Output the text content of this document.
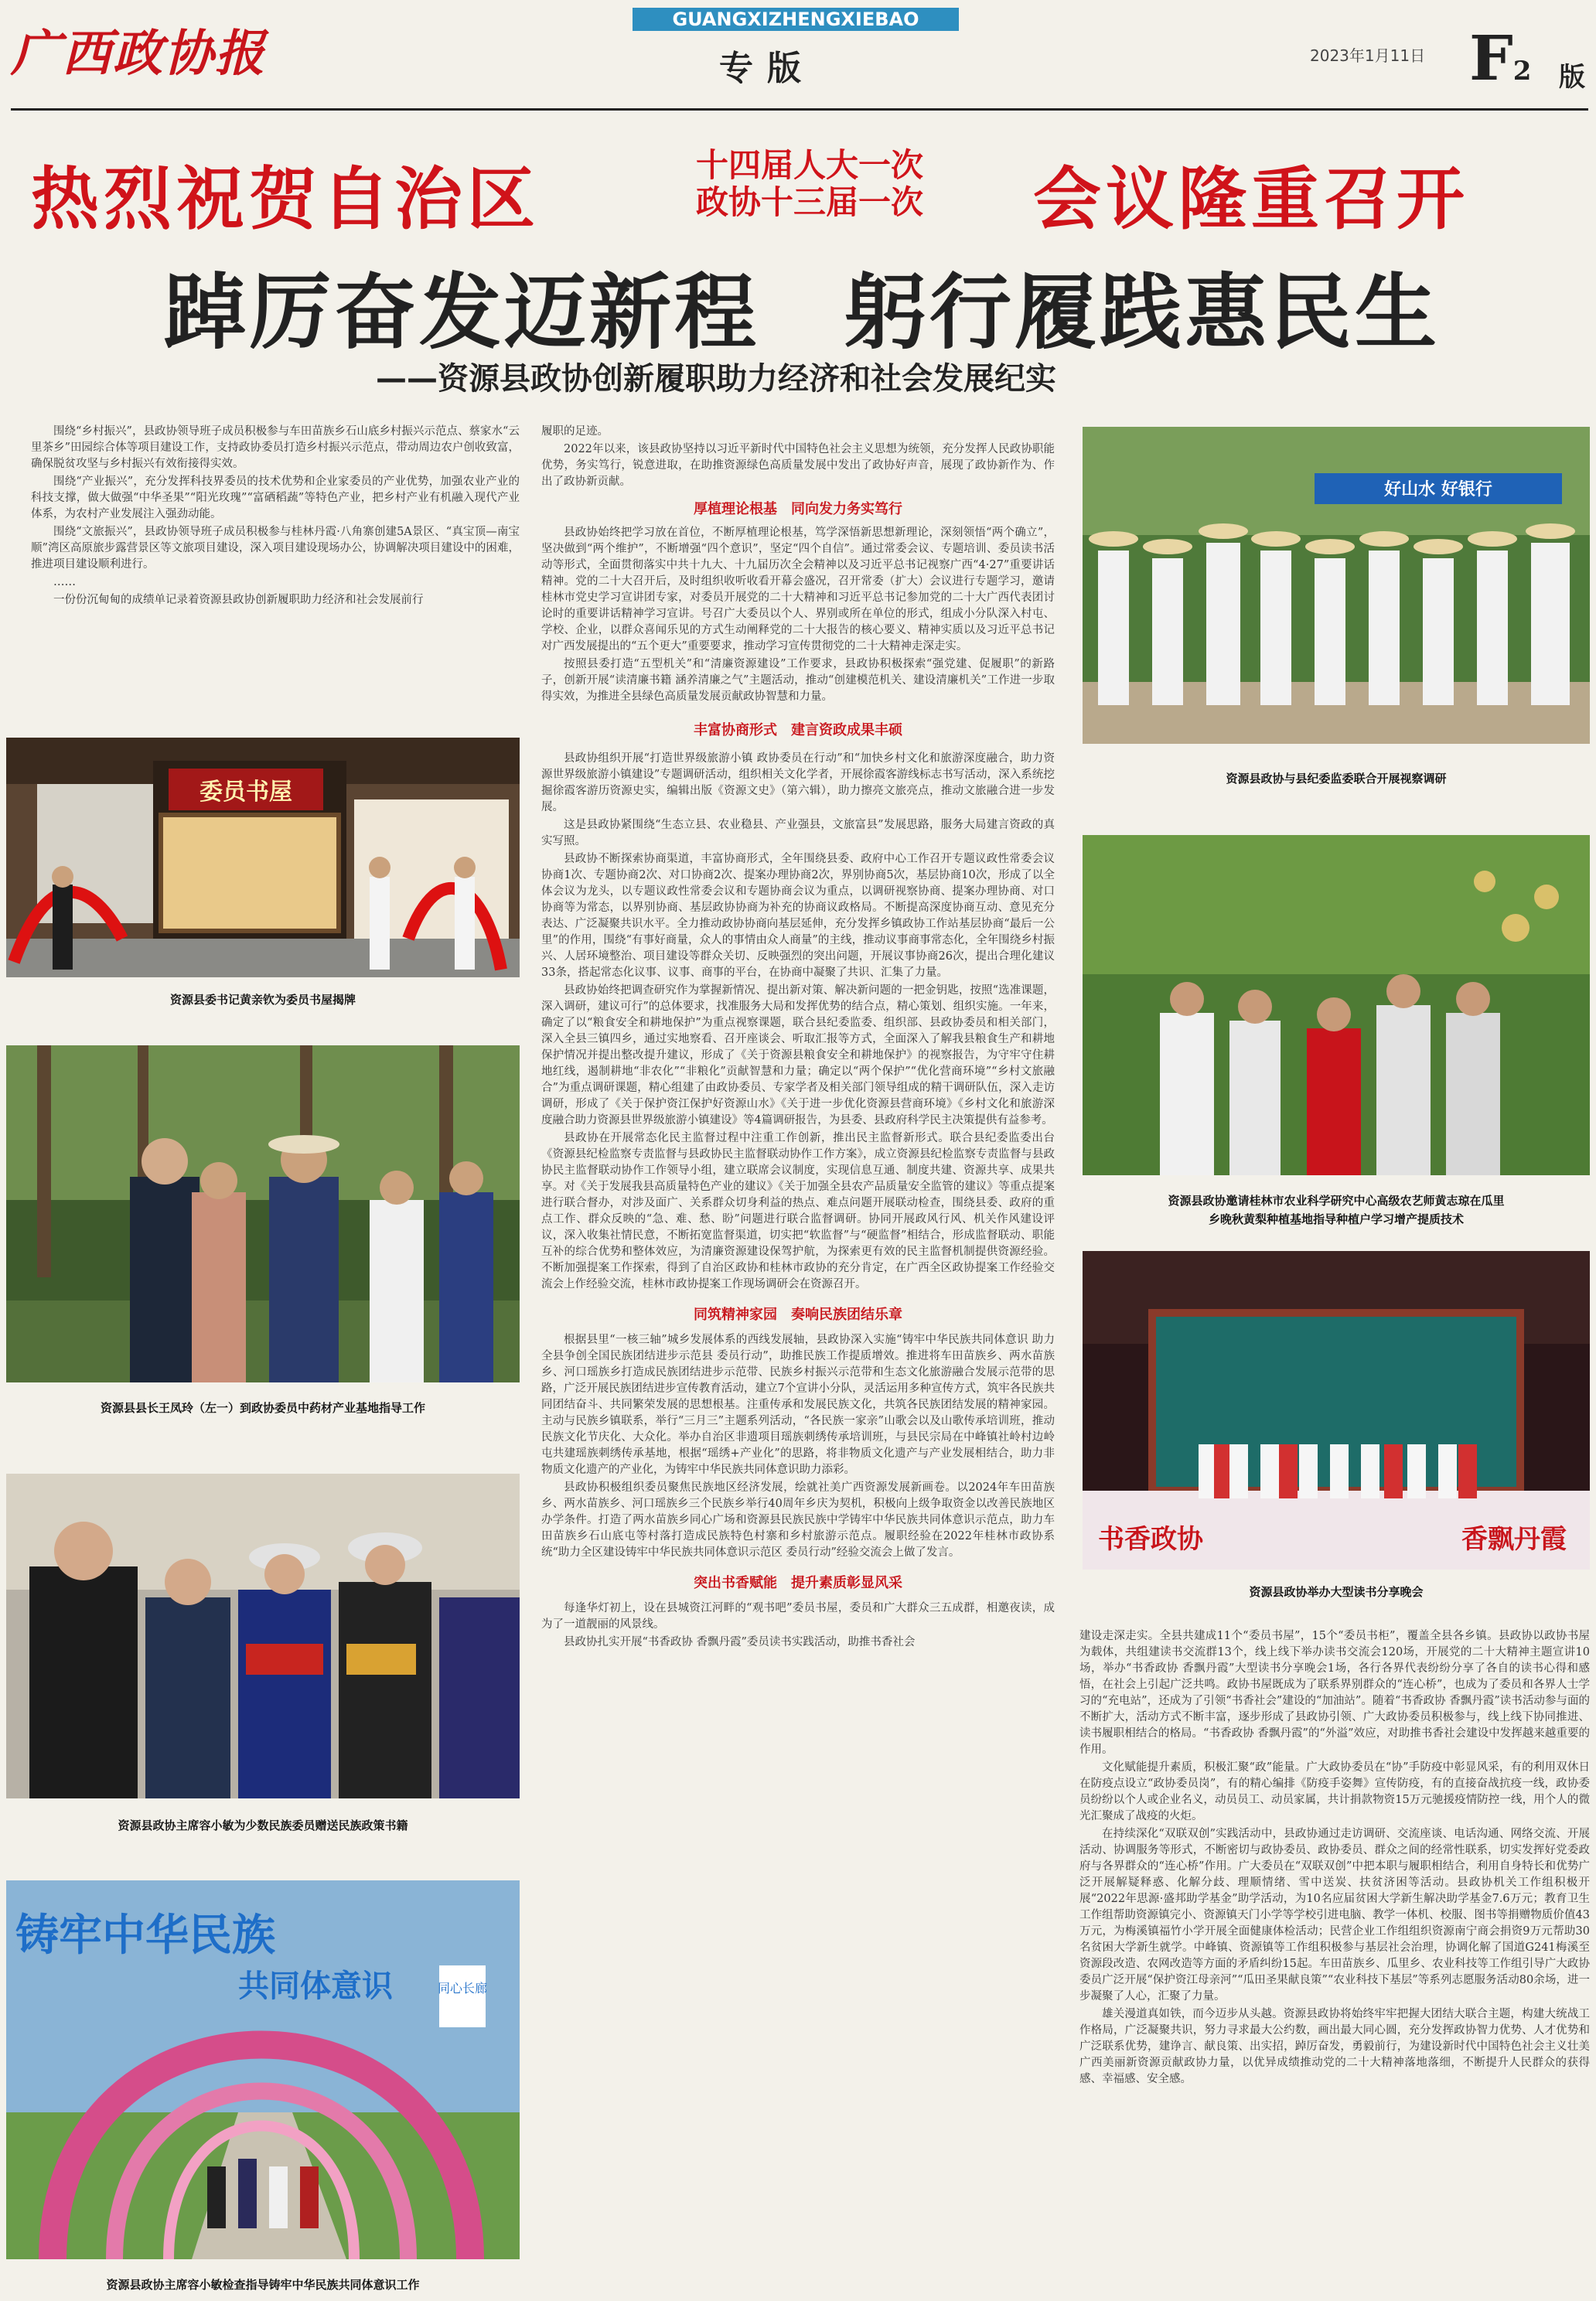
广西政协报
GUANGXIZHENGXIEBAO
专版	2023年1月11日 F2 版
热烈祝贺自治区	十四届人大一次
政协十三届一次 会议隆重召开
踔厉奋发迈新程　躬行履践惠民生
——资源县政协创新履职助力经济和社会发展纪实

围绕“乡村振兴”，县政协领导班子成员积极参与车田苗族乡石山底乡村振兴示范点、蔡家水“云里茶乡”田园综合体等项目建设工作，支持政协委员打造乡村振兴示范点，带动周边农户创收致富，确保脱贫攻坚与乡村振兴有效衔接得实效。

围绕“产业振兴”，充分发挥科技界委员的技术优势和企业家委员的产业优势，加强农业产业的科技支撑，做大做强“中华圣果”“阳光玫瑰”“富硒稻蔬”等特色产业，把乡村产业有机融入现代产业体系，为农村产业发展注入强劲动能。

围绕“文旅振兴”，县政协领导班子成员积极参与桂林丹霞·八角寨创建5A景区、“真宝顶—南宝顺”湾区高原旅步露营景区等文旅项目建设，深入项目建设现场办公，协调解决项目建设中的困难，推进项目建设顺利进行。

……

一份份沉甸甸的成绩单记录着资源县政协创新履职助力经济和社会发展前行

委员书屋
资源县委书记黄亲钦为委员书屋揭牌
资源县县长王凤玲（左一）到政协委员中药材产业基地指导工作
资源县政协主席容小敏为少数民族委员赠送民族政策书籍
铸牢中华民族
共同体意识	同心长廊
资源县政协主席容小敏检查指导铸牢中华民族共同体意识工作

履职的足迹。

2022年以来，该县政协坚持以习近平新时代中国特色社会主义思想为统领，充分发挥人民政协职能优势，务实笃行，锐意进取，在助推资源绿色高质量发展中发出了政协好声音，展现了政协新作为、作出了政协新贡献。

厚植理论根基　同向发力务实笃行

县政协始终把学习放在首位，不断厚植理论根基，笃学深悟新思想新理论，深刻领悟“两个确立”，坚决做到“两个维护”，不断增强“四个意识”，坚定“四个自信”。通过常委会议、专题培训、委员读书活动等形式，全面贯彻落实中共十九大、十九届历次全会精神以及习近平总书记视察广西“4·27”重要讲话精神。党的二十大召开后，及时组织收听收看开幕会盛况，召开常委（扩大）会议进行专题学习，邀请桂林市党史学习宣讲团专家，对委员开展党的二十大精神和习近平总书记参加党的二十大广西代表团讨论时的重要讲话精神学习宣讲。号召广大委员以个人、界别或所在单位的形式，组成小分队深入村屯、学校、企业，以群众喜闻乐见的方式生动阐释党的二十大报告的核心要义、精神实质以及习近平总书记对广西发展提出的“五个更大”重要要求，推动学习宣传贯彻党的二十大精神走深走实。

按照县委打造“五型机关”和“清廉资源建设”工作要求，县政协积极探索“强党建、促履职”的新路子，创新开展“读清廉书籍 涵养清廉之气”主题活动，推动“创建模范机关、建设清廉机关”工作进一步取得实效，为推进全县绿色高质量发展贡献政协智慧和力量。

丰富协商形式　建言资政成果丰硕

县政协组织开展“打造世界级旅游小镇 政协委员在行动”和“加快乡村文化和旅游深度融合，助力资源世界级旅游小镇建设”专题调研活动，组织相关文化学者，开展徐霞客游线标志书写活动，深入系统挖掘徐霞客游历资源史实，编辑出版《资源文史》（第六辑），助力擦亮文旅亮点，推动文旅融合进一步发展。

这是县政协紧围绕“生态立县、农业稳县、产业强县，文旅富县”发展思路，服务大局建言资政的真实写照。

县政协不断探索协商渠道，丰富协商形式，全年围绕县委、政府中心工作召开专题议政性常委会议协商1次、专题协商2次、对口协商2次、提案办理协商2次，界别协商5次，基层协商10次，形成了以全体会议为龙头，以专题议政性常委会议和专题协商会议为重点，以调研视察协商、提案办理协商、对口协商等为常态，以界别协商、基层政协协商为补充的协商议政格局。不断提高深度协商互动、意见充分表达、广泛凝聚共识水平。全力推动政协协商向基层延伸，充分发挥乡镇政协工作站基层协商“最后一公里”的作用，围绕“有事好商量，众人的事情由众人商量”的主线，推动议事商事常态化，全年围绕乡村振兴、人居环境整治、项目建设等群众关切、反映强烈的突出问题，开展议事协商26次，提出合理化建议33条，搭起常态化议事、议事、商事的平台，在协商中凝聚了共识、汇集了力量。

县政协始终把调查研究作为掌握新情况、提出新对策、解决新问题的一把金钥匙，按照“选准课题，深入调研，建议可行”的总体要求，找准服务大局和发挥优势的结合点，精心策划、组织实施。一年来，确定了以“粮食安全和耕地保护”为重点视察课题，联合县纪委监委、组织部、县政协委员和相关部门，深入全县三镇四乡，通过实地察看、召开座谈会、听取汇报等方式，全面深入了解我县粮食生产和耕地保护情况并提出整改提升建议，形成了《关于资源县粮食安全和耕地保护》的视察报告，为守牢守住耕地红线，遏制耕地“非农化”“非粮化”贡献智慧和力量；确定以“两个保护”“优化营商环境”“乡村文旅融合”为重点调研课题，精心组建了由政协委员、专家学者及相关部门领导组成的精干调研队伍，深入走访调研，形成了《关于保护资江保护好资源山水》《关于进一步优化资源县营商环境》《乡村文化和旅游深度融合助力资源县世界级旅游小镇建设》等4篇调研报告，为县委、县政府科学民主决策提供有益参考。

县政协在开展常态化民主监督过程中注重工作创新，推出民主监督新形式。联合县纪委监委出台《资源县纪检监察专责监督与县政协民主监督联动协作工作方案》，成立资源县纪检监察专责监督与县政协民主监督联动协作工作领导小组，建立联席会议制度，实现信息互通、制度共建、资源共享、成果共享。对《关于发展我县高质量特色产业的建议》《关于加强全县农产品质量安全监管的建议》等重点提案进行联合督办，对涉及面广、关系群众切身利益的热点、难点问题开展联动检查，围绕县委、政府的重点工作、群众反映的“急、难、愁、盼”问题进行联合监督调研。协同开展政风行风、机关作风建设评议，深入收集社情民意，不断拓宽监督渠道，切实把“软监督”与“硬监督”相结合，形成监督联动、职能互补的综合优势和整体效应，为清廉资源建设保驾护航，为探索更有效的民主监督机制提供资源经验。不断加强提案工作探索，得到了自治区政协和桂林市政协的充分肯定，在广西全区政协提案工作经验交流会上作经验交流，桂林市政协提案工作现场调研会在资源召开。

同筑精神家园　奏响民族团结乐章

根据县里“一核三轴”城乡发展体系的西线发展轴，县政协深入实施“铸牢中华民族共同体意识 助力全县争创全国民族团结进步示范县 委员行动”，助推民族工作提质增效。推进将车田苗族乡、两水苗族乡、河口瑶族乡打造成民族团结进步示范带、民族乡村振兴示范带和生态文化旅游融合发展示范带的思路，广泛开展民族团结进步宣传教育活动，建立7个宣讲小分队，灵活运用多种宣传方式，筑牢各民族共同团结奋斗、共同繁荣发展的思想根基。注重传承和发展民族文化，共筑各民族团结发展的精神家园。主动与民族乡镇联系，举行“三月三”主题系列活动，“各民族一家亲”山歌会以及山歌传承培训班，推动民族文化节庆化、大众化。举办自治区非遗项目瑶族刺绣传承培训班，与县民宗局在中峰镇社岭村边岭屯共建瑶族刺绣传承基地，根据“瑶绣+产业化”的思路，将非物质文化遗产与产业发展相结合，助力非物质文化遗产的产业化，为铸牢中华民族共同体意识助力添彩。

县政协积极组织委员聚焦民族地区经济发展，绘就社美广西资源发展新画卷。以2024年车田苗族乡、两水苗族乡、河口瑶族乡三个民族乡举行40周年乡庆为契机，积极向上级争取资金以改善民族地区办学条件。打造了两水苗族乡同心广场和资源县民族民族中学铸牢中华民族共同体意识示范点，助力车田苗族乡石山底屯等村落打造成民族特色村寨和乡村旅游示范点。履职经验在2022年桂林市政协系统“助力全区建设铸牢中华民族共同体意识示范区 委员行动”经验交流会上做了发言。

突出书香赋能　提升素质彰显风采

每逢华灯初上，设在县城资江河畔的“观书吧”委员书屋，委员和广大群众三五成群，相邀夜读，成为了一道靓丽的风景线。

县政协扎实开展“书香政协 香飘丹霞”委员读书实践活动，助推书香社会

好山水 好银行
资源县政协与县纪委监委联合开展视察调研
资源县政协邀请桂林市农业科学研究中心高级农艺师黄志琼在瓜里
乡晚秋黄梨种植基地指导种植户学习增产提质技术
书香政协	香飘丹霞
资源县政协举办大型读书分享晚会

建设走深走实。全县共建成11个“委员书屋”，15个“委员书柜”，覆盖全县各乡镇。县政协以政协书屋为载体，共组建读书交流群13个，线上线下举办读书交流会120场，开展党的二十大精神主题宣讲10场，举办“书香政协 香飘丹霞”大型读书分享晚会1场，各行各界代表纷纷分享了各自的读书心得和感悟，在社会上引起广泛共鸣。政协书屋既成为了联系界别群众的“连心桥”，也成为了委员和各界人士学习的“充电站”，还成为了引领“书香社会”建设的“加油站”。随着“书香政协 香飘丹霞”读书活动参与面的不断扩大，活动方式不断丰富，逐步形成了县政协引领、广大政协委员积极参与，线上线下协同推进、读书履职相结合的格局。“书香政协 香飘丹霞”的“外溢”效应，对助推书香社会建设中发挥越来越重要的作用。

文化赋能提升素质，积极汇聚“政”能量。广大政协委员在“协”手防疫中彰显风采，有的利用双休日在防疫点设立“政协委员岗”，有的精心编排《防疫手姿舞》宣传防疫，有的直接奋战抗疫一线，政协委员纷纷以个人或企业名义，动员员工、动员家属，共计捐款物资15万元驰援疫情防控一线，用个人的微光汇聚成了战疫的火炬。

在持续深化“双联双创”实践活动中，县政协通过走访调研、交流座谈、电话沟通、网络交流、开展活动、协调服务等形式，不断密切与政协委员、政协委员、群众之间的经常性联系，切实发挥好党委政府与各界群众的“连心桥”作用。广大委员在“双联双创”中把本职与履职相结合，利用自身特长和优势广泛开展解疑释惑、化解分歧、理顺情绪、雪中送炭、扶贫济困等活动。县政协机关工作组积极开展“2022年思源·盛邦助学基金”助学活动，为10名应届贫困大学新生解决助学基金7.6万元；教育卫生工作组帮助资源镇完小、资源镇天门小学等学校引进电脑、教学一体机、校服、图书等捐赠物质价值43万元，为梅溪镇福竹小学开展全面健康体检活动；民营企业工作组组织资源南宁商会捐资9万元帮助30名贫困大学新生就学。中峰镇、资源镇等工作组积极参与基层社会治理，协调化解了国道G241梅溪至资源段改造、农网改造等方面的矛盾纠纷15起。车田苗族乡、瓜里乡、农业科技等工作组引导广大政协委员广泛开展“保护资江母亲河”“瓜田圣果献良策”“农业科技下基层”等系列志愿服务活动80余场，进一步凝聚了人心，汇聚了力量。

雄关漫道真如铁，而今迈步从头越。资源县政协将始终牢牢把握大团结大联合主题，构建大统战工作格局，广泛凝聚共识，努力寻求最大公约数，画出最大同心圆，充分发挥政协智力优势、人才优势和广泛联系优势，建诤言、献良策、出实招，踔厉奋发，勇毅前行，为建设新时代中国特色社会主义壮美广西美丽新资源贡献政协力量，以优异成绩推动党的二十大精神落地落细，不断提升人民群众的获得感、幸福感、安全感。
